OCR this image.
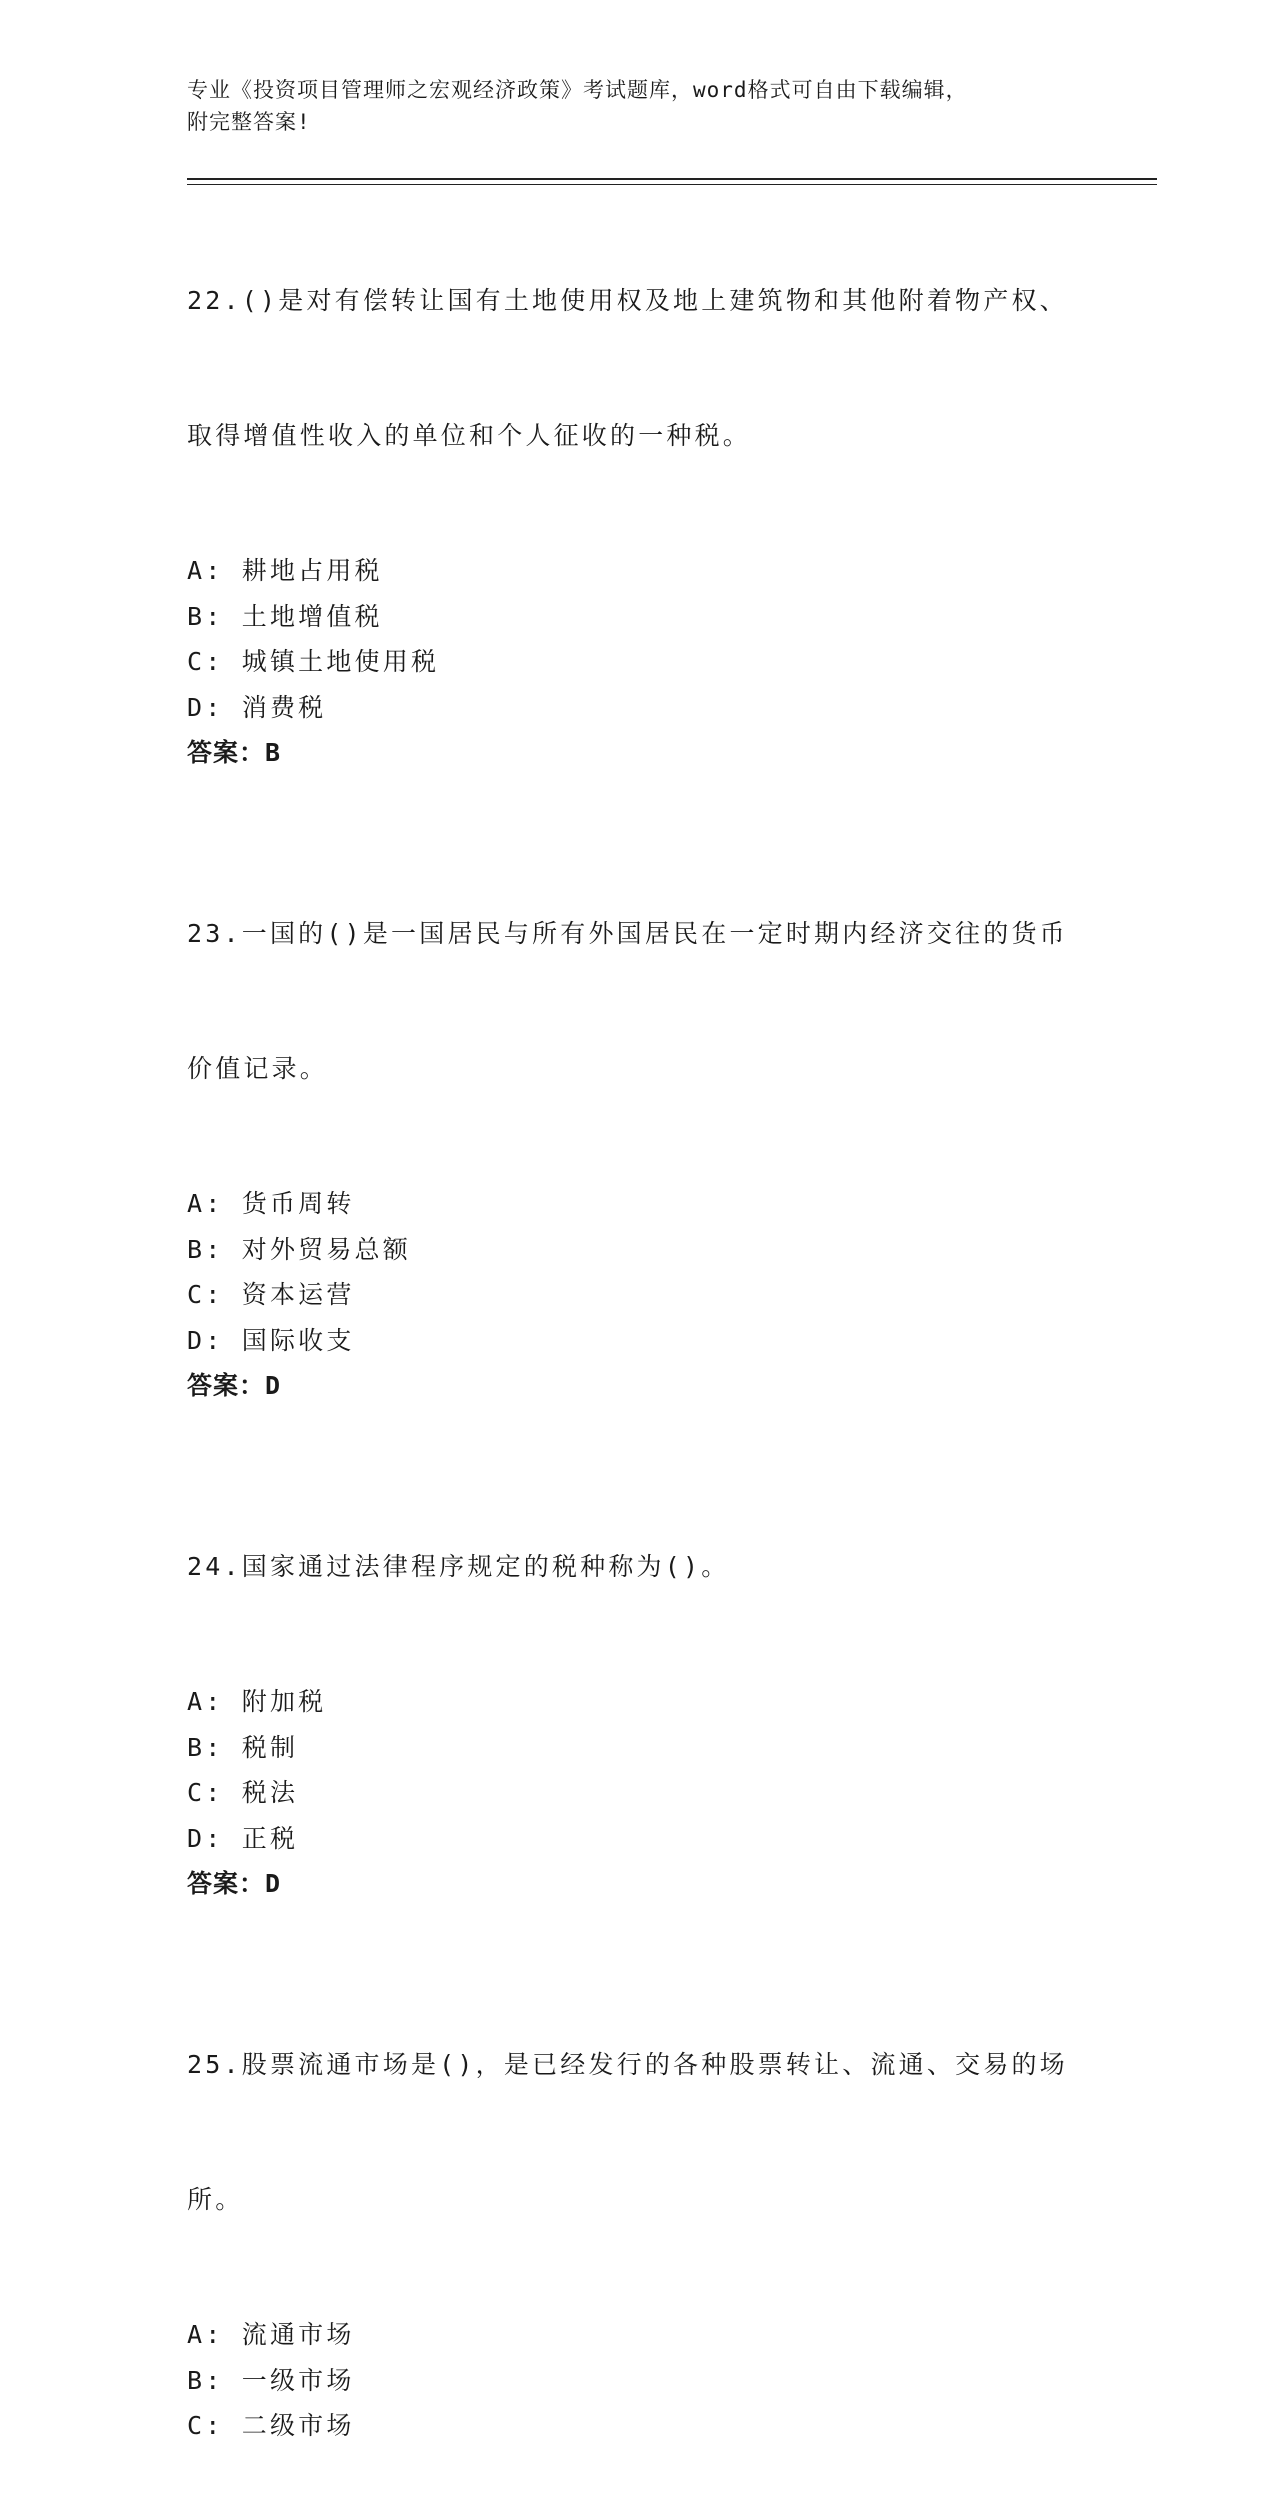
专业《投资项目管理师之宏观经济政策》考试题库，word格式可自由下载编辑，
附完整答案!

22.()是对有偿转让国有土地使用权及地上建筑物和其他附着物产权、

取得增值性收入的单位和个人征收的一种税。

A: 耕地占用税
B: 土地增值税
C: 城镇土地使用税
D: 消费税
答案：B

23.一国的()是一国居民与所有外国居民在一定时期内经济交往的货币

价值记录。

A: 货币周转
B: 对外贸易总额
C: 资本运营
D: 国际收支
答案：D

24.国家通过法律程序规定的税种称为()。

A: 附加税
B: 税制
C: 税法
D: 正税
答案：D

25.股票流通市场是()，是已经发行的各种股票转让、流通、交易的场

所。

A: 流通市场
B: 一级市场
C: 二级市场
